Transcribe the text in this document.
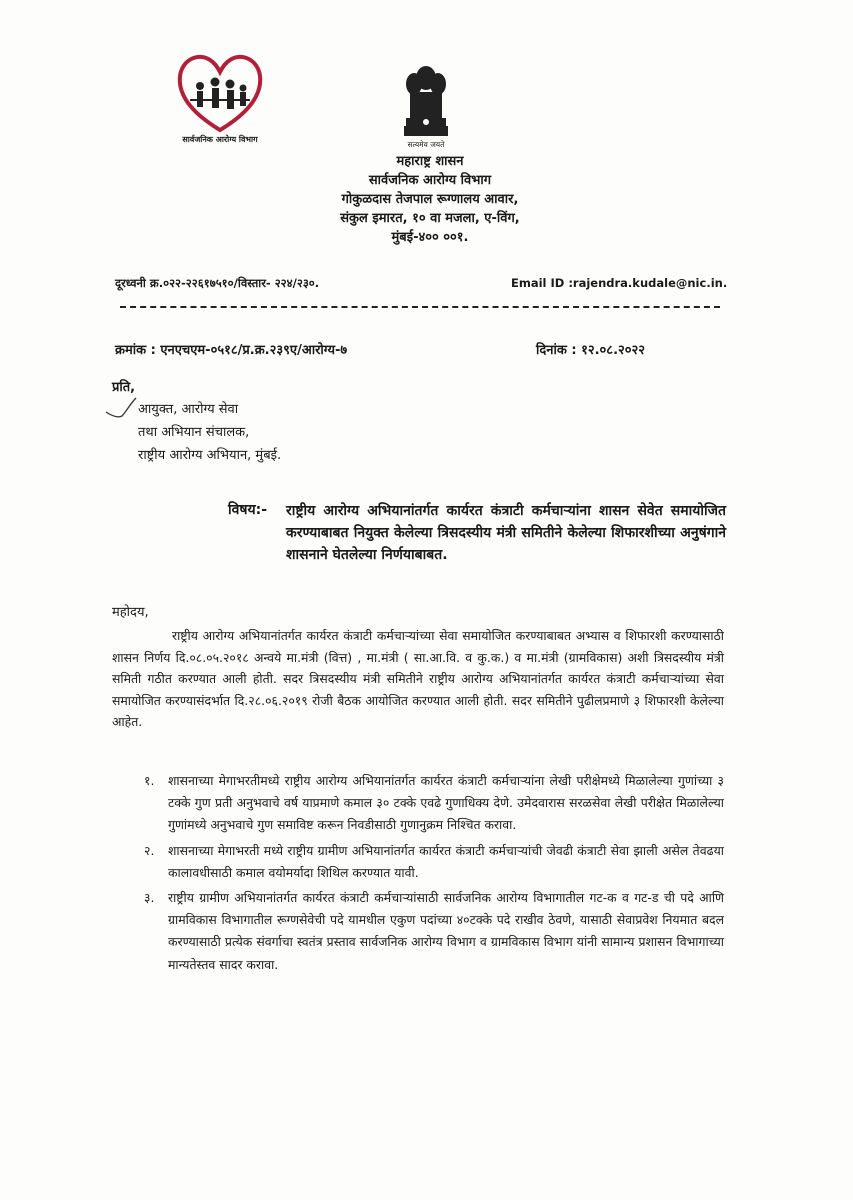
सार्वजनिक आरोग्य विभाग
सत्यमेव जयते
महाराष्ट्र शासन
सार्वजनिक आरोग्य विभाग
गोकुळदास तेजपाल रूग्णालय आवार,
संकुल इमारत, १० वा मजला, ए-विंग,
मुंबई-४०० ००१.
दूरध्वनी क्र.०२२-२२६१७५१०/विस्तार- २२४/२३०.	Email ID :rajendra.kudale@nic.in.
क्रमांक : एनएचएम-०५१८/प्र.क्र.२३९ए/आरोग्य-७	दिनांक : १२.०८.२०२२
प्रति,
आयुक्त, आरोग्य सेवा
तथा अभियान संचालक,
राष्ट्रीय आरोग्य अभियान, मुंबई.
विषय:- राष्ट्रीय आरोग्य अभियानांतर्गत कार्यरत कंत्राटी कर्मचाऱ्यांना शासन सेवेत समायोजित करण्याबाबत नियुक्त केलेल्या त्रिसदस्यीय मंत्री समितीने केलेल्या शिफारशीच्या अनुषंगाने शासनाने घेतलेल्या निर्णयाबाबत.
महोदय,
राष्ट्रीय आरोग्य अभियानांतर्गत कार्यरत कंत्राटी कर्मचाऱ्यांच्या सेवा समायोजित करण्याबाबत अभ्यास व शिफारशी करण्यासाठी शासन निर्णय दि.०८.०५.२०१८ अन्वये मा.मंत्री (वित्त) , मा.मंत्री ( सा.आ.वि. व कु.क.) व मा.मंत्री (ग्रामविकास) अशी त्रिसदस्यीय मंत्री समिती गठीत करण्यात आली होती. सदर त्रिसदस्यीय मंत्री समितीने राष्ट्रीय आरोग्य अभियानांतर्गत कार्यरत कंत्राटी कर्मचाऱ्यांच्या सेवा समायोजित करण्यासंदर्भात दि.२८.०६.२०१९ रोजी बैठक आयोजित करण्यात आली होती. सदर समितीने पुढीलप्रमाणे ३ शिफारशी केलेल्या आहेत.
१. शासनाच्या मेगाभरतीमध्ये राष्ट्रीय आरोग्य अभियानांतर्गत कार्यरत कंत्राटी कर्मचाऱ्यांना लेखी परीक्षेमध्ये मिळालेल्या गुणांच्या ३ टक्के गुण प्रती अनुभवाचे वर्ष याप्रमाणे कमाल ३० टक्के एवढे गुणाधिक्य देणे. उमेदवारास सरळसेवा लेखी परीक्षेत मिळालेल्या गुणांमध्ये अनुभवाचे गुण समाविष्ट करून निवडीसाठी गुणानुक्रम निश्चित करावा.
२. शासनाच्या मेगाभरती मध्ये राष्ट्रीय ग्रामीण अभियानांतर्गत कार्यरत कंत्राटी कर्मचाऱ्यांची जेवढी कंत्राटी सेवा झाली असेल तेवढया कालावधीसाठी कमाल वयोमर्यादा शिथिल करण्यात यावी.
३. राष्ट्रीय ग्रामीण अभियानांतर्गत कार्यरत कंत्राटी कर्मचाऱ्यांसाठी सार्वजनिक आरोग्य विभागातील गट-क व गट-ड ची पदे आणि ग्रामविकास विभागातील रूग्णसेवेची पदे यामधील एकुण पदांच्या ४०टक्के पदे राखीव ठेवणे, यासाठी सेवाप्रवेश नियमात बदल करण्यासाठी प्रत्येक संवर्गाचा स्वतंत्र प्रस्ताव सार्वजनिक आरोग्य विभाग व ग्रामविकास विभाग यांनी सामान्य प्रशासन विभागाच्या मान्यतेस्तव सादर करावा.
